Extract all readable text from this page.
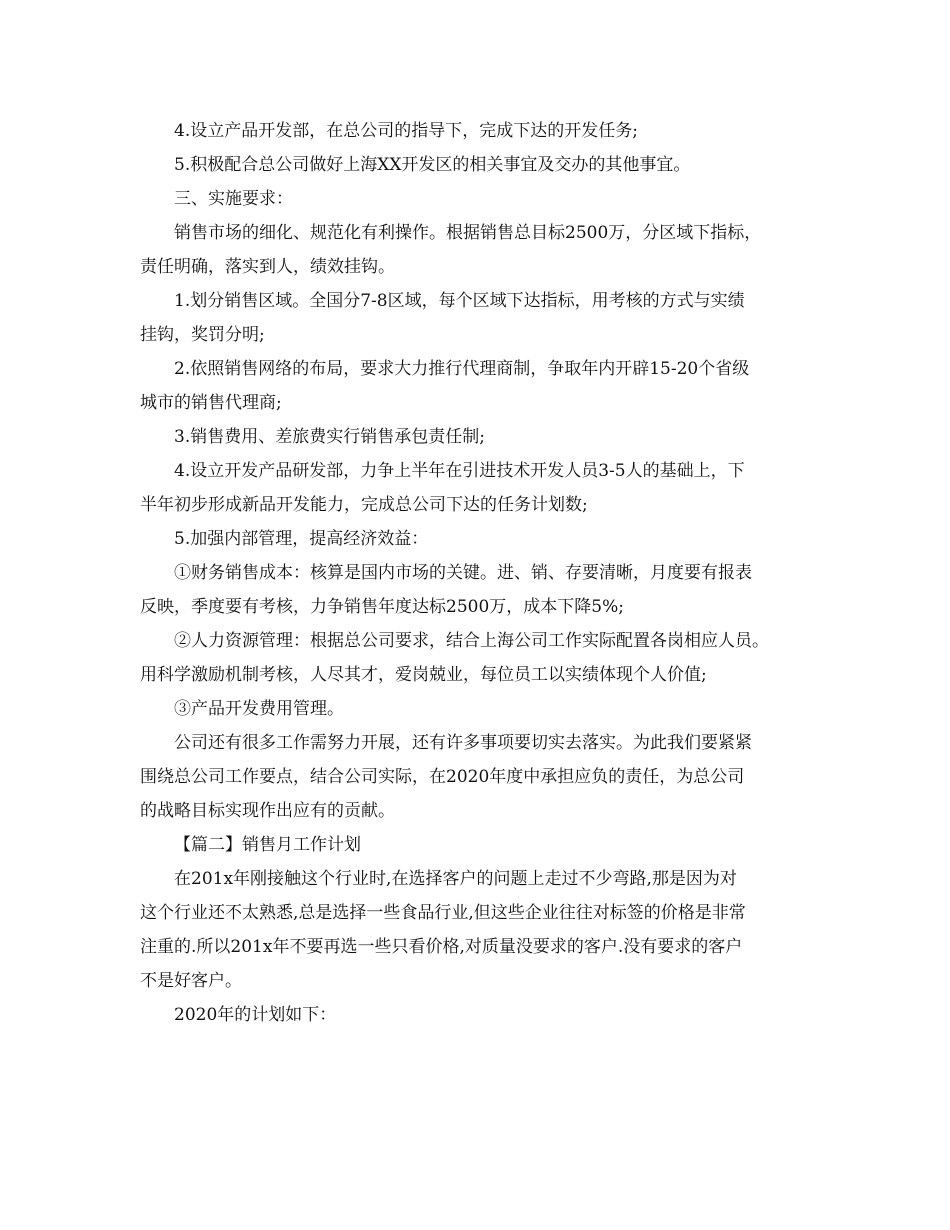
4.设立产品开发部，在总公司的指导下，完成下达的开发任务;
5.积极配合总公司做好上海XX开发区的相关事宜及交办的其他事宜。
三、实施要求：
销售市场的细化、规范化有利操作。根据销售总目标2500万，分区域下指标，
责任明确，落实到人，绩效挂钩。
1.划分销售区域。全国分7-8区域，每个区域下达指标，用考核的方式与实绩
挂钩，奖罚分明;
2.依照销售网络的布局，要求大力推行代理商制，争取年内开辟15-20个省级
城市的销售代理商;
3.销售费用、差旅费实行销售承包责任制;
4.设立开发产品研发部，力争上半年在引进技术开发人员3-5人的基础上，下
半年初步形成新品开发能力，完成总公司下达的任务计划数;
5.加强内部管理，提高经济效益：
①财务销售成本：核算是国内市场的关键。进、销、存要清晰，月度要有报表
反映，季度要有考核，力争销售年度达标2500万，成本下降5%;
②人力资源管理：根据总公司要求，结合上海公司工作实际配置各岗相应人员。
用科学激励机制考核，人尽其才，爱岗兢业，每位员工以实绩体现个人价值;
③产品开发费用管理。
公司还有很多工作需努力开展，还有许多事项要切实去落实。为此我们要紧紧
围绕总公司工作要点，结合公司实际，在2020年度中承担应负的责任，为总公司
的战略目标实现作出应有的贡献。
【篇二】销售月工作计划
在201x年刚接触这个行业时,在选择客户的问题上走过不少弯路,那是因为对
这个行业还不太熟悉,总是选择一些食品行业,但这些企业往往对标签的价格是非常
注重的.所以201x年不要再选一些只看价格,对质量没要求的客户.没有要求的客户
不是好客户。
2020年的计划如下：
